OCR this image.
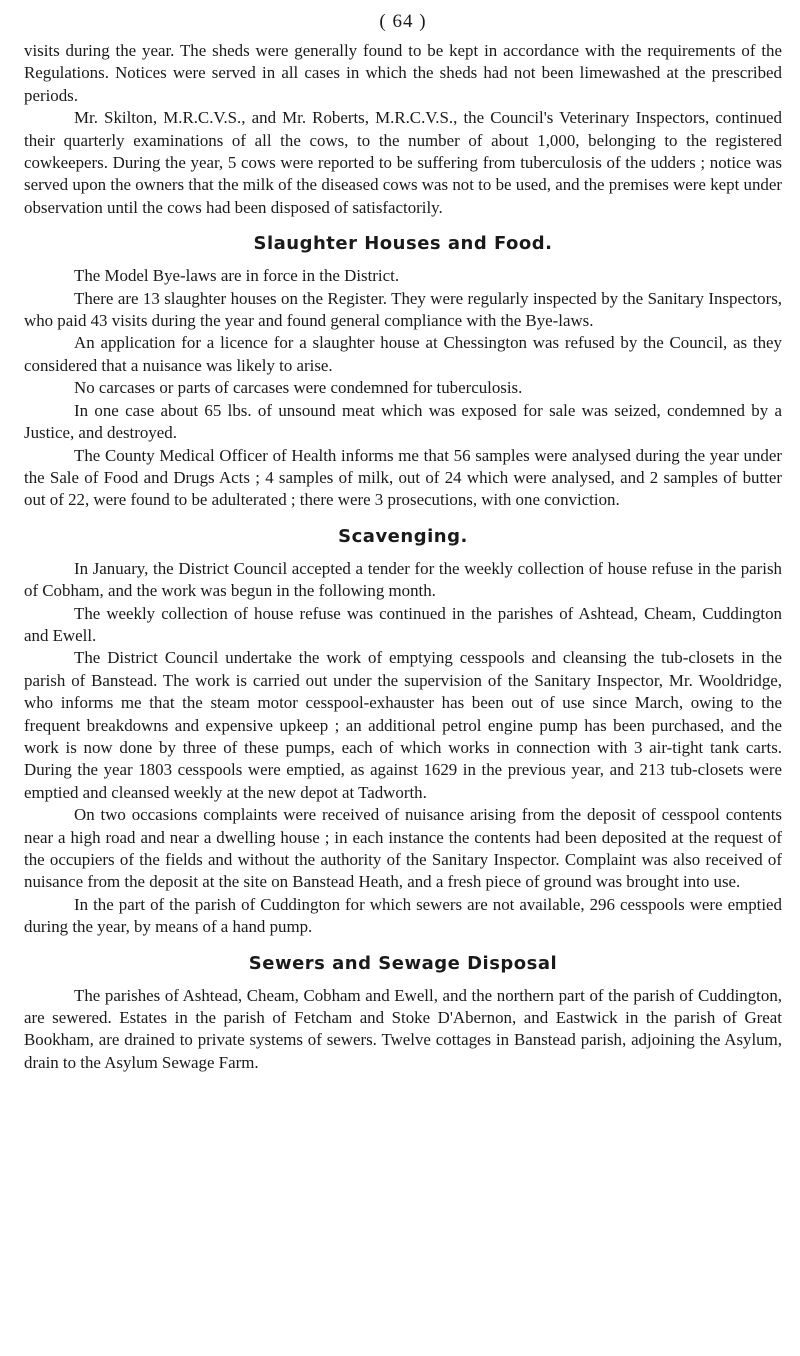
( 64 )

visits during the year. The sheds were generally found to be kept in accordance with the requirements of the Regulations. Notices were served in all cases in which the sheds had not been limewashed at the prescribed periods.

Mr. Skilton, M.R.C.V.S., and Mr. Roberts, M.R.C.V.S., the Council's Veterinary Inspectors, continued their quarterly examinations of all the cows, to the number of about 1,000, belonging to the registered cowkeepers. During the year, 5 cows were reported to be suffering from tuberculosis of the udders ; notice was served upon the owners that the milk of the diseased cows was not to be used, and the premises were kept under observation until the cows had been disposed of satisfactorily.

Slaughter Houses and Food.

The Model Bye-laws are in force in the District.

There are 13 slaughter houses on the Register. They were regularly inspected by the Sanitary Inspectors, who paid 43 visits during the year and found general compliance with the Bye-laws.

An application for a licence for a slaughter house at Chessington was refused by the Council, as they considered that a nuisance was likely to arise.

No carcases or parts of carcases were condemned for tuberculosis.

In one case about 65 lbs. of unsound meat which was exposed for sale was seized, condemned by a Justice, and destroyed.

The County Medical Officer of Health informs me that 56 samples were analysed during the year under the Sale of Food and Drugs Acts ; 4 samples of milk, out of 24 which were analysed, and 2 samples of butter out of 22, were found to be adulterated ; there were 3 prosecutions, with one conviction.

Scavenging.

In January, the District Council accepted a tender for the weekly collection of house refuse in the parish of Cobham, and the work was begun in the following month.

The weekly collection of house refuse was continued in the parishes of Ashtead, Cheam, Cuddington and Ewell.

The District Council undertake the work of emptying cesspools and cleansing the tub-closets in the parish of Banstead. The work is carried out under the supervision of the Sanitary Inspector, Mr. Wooldridge, who informs me that the steam motor cesspool-exhauster has been out of use since March, owing to the frequent breakdowns and expensive upkeep ; an additional petrol engine pump has been purchased, and the work is now done by three of these pumps, each of which works in connection with 3 air-tight tank carts. During the year 1803 cesspools were emptied, as against 1629 in the previous year, and 213 tub-closets were emptied and cleansed weekly at the new depot at Tadworth.

On two occasions complaints were received of nuisance arising from the deposit of cesspool contents near a high road and near a dwelling house ; in each instance the contents had been deposited at the request of the occupiers of the fields and without the authority of the Sanitary Inspector. Complaint was also received of nuisance from the deposit at the site on Banstead Heath, and a fresh piece of ground was brought into use.

In the part of the parish of Cuddington for which sewers are not available, 296 cesspools were emptied during the year, by means of a hand pump.

Sewers and Sewage Disposal

The parishes of Ashtead, Cheam, Cobham and Ewell, and the northern part of the parish of Cuddington, are sewered. Estates in the parish of Fetcham and Stoke D'Abernon, and Eastwick in the parish of Great Bookham, are drained to private systems of sewers. Twelve cottages in Banstead parish, adjoining the Asylum, drain to the Asylum Sewage Farm.
